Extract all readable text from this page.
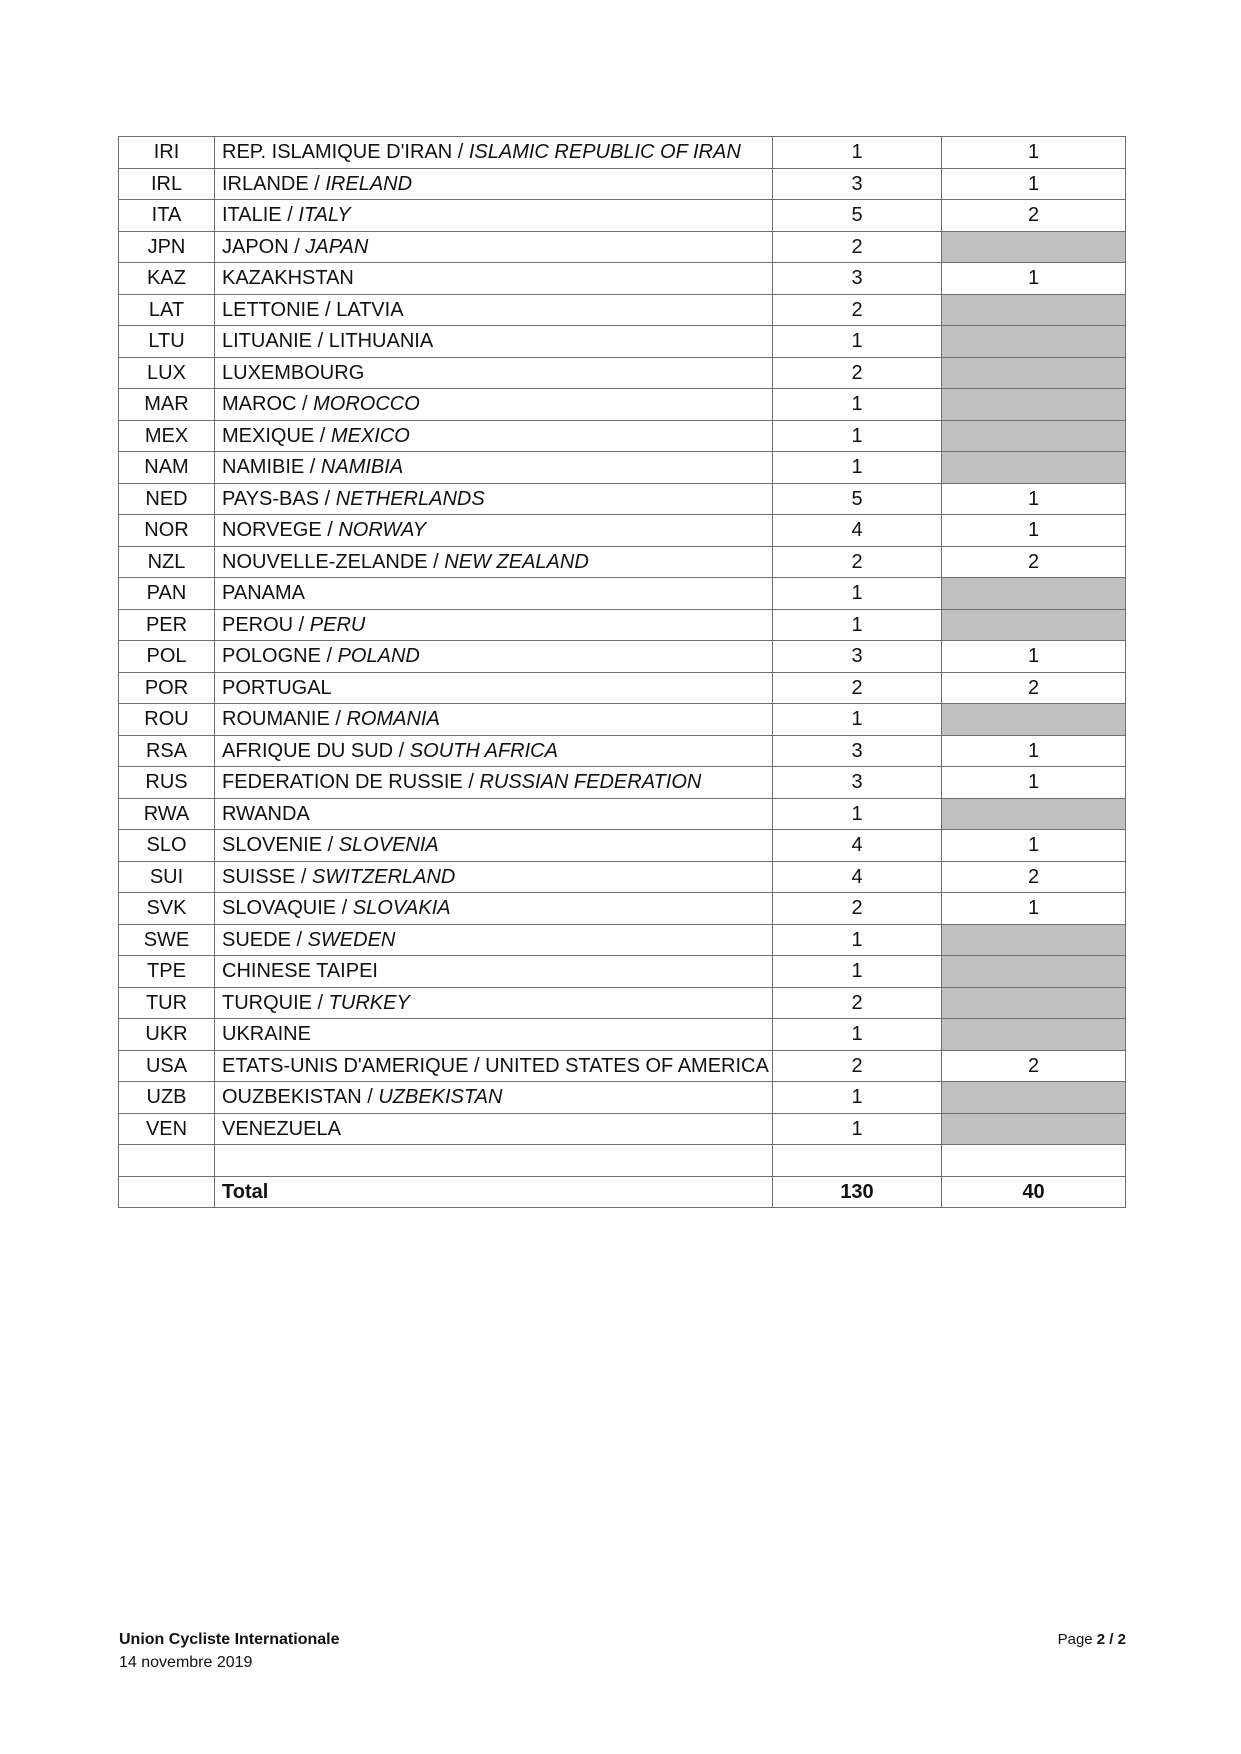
IRI	REP. ISLAMIQUE D'IRAN / ISLAMIC REPUBLIC OF IRAN	1	1
IRL	IRLANDE / IRELAND	3	1
ITA	ITALIE / ITALY	5	2
JPN	JAPON / JAPAN	2	
KAZ	KAZAKHSTAN	3	1
LAT	LETTONIE / LATVIA	2	
LTU	LITUANIE / LITHUANIA	1	
LUX	LUXEMBOURG	2	
MAR	MAROC / MOROCCO	1	
MEX	MEXIQUE / MEXICO	1	
NAM	NAMIBIE / NAMIBIA	1	
NED	PAYS-BAS / NETHERLANDS	5	1
NOR	NORVEGE / NORWAY	4	1
NZL	NOUVELLE-ZELANDE / NEW ZEALAND	2	2
PAN	PANAMA	1	
PER	PEROU / PERU	1	
POL	POLOGNE / POLAND	3	1
POR	PORTUGAL	2	2
ROU	ROUMANIE / ROMANIA	1	
RSA	AFRIQUE DU SUD / SOUTH AFRICA	3	1
RUS	FEDERATION DE RUSSIE / RUSSIAN FEDERATION	3	1
RWA	RWANDA	1	
SLO	SLOVENIE / SLOVENIA	4	1
SUI	SUISSE / SWITZERLAND	4	2
SVK	SLOVAQUIE / SLOVAKIA	2	1
SWE	SUEDE / SWEDEN	1	
TPE	CHINESE TAIPEI	1	
TUR	TURQUIE / TURKEY	2	
UKR	UKRAINE	1	
USA	ETATS-UNIS D'AMERIQUE / UNITED STATES OF AMERICA	2	2
UZB	OUZBEKISTAN / UZBEKISTAN	1	
VEN	VENEZUELA	1	

	Total	130	40
Union Cycliste Internationale
14 novembre 2019
Page 2 / 2
